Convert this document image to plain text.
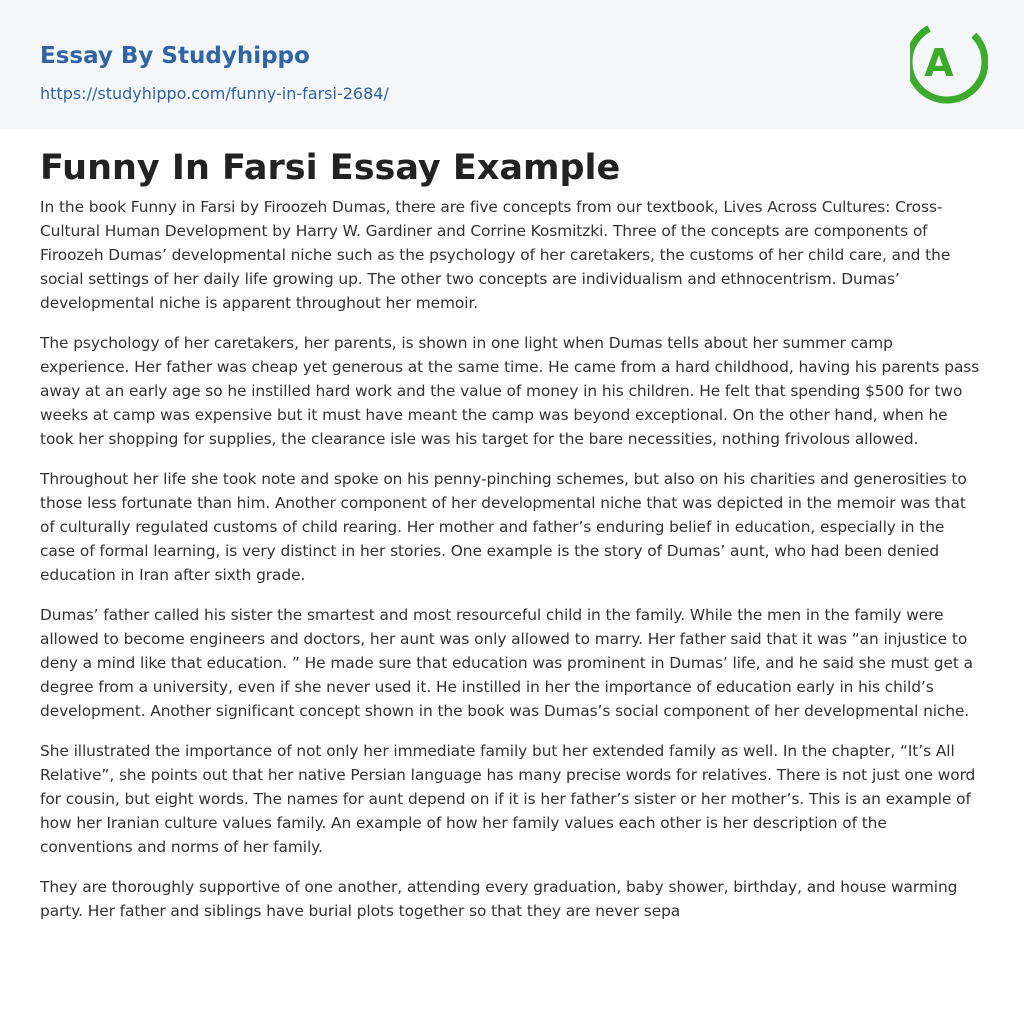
Essay By Studyhippo
https://studyhippo.com/funny-in-farsi-2684/
A
Funny In Farsi Essay Example

In the book Funny in Farsi by Firoozeh Dumas, there are five concepts from our textbook, Lives Across Cultures: Cross-Cultural Human Development by Harry W. Gardiner and Corrine Kosmitzki. Three of the concepts are components of Firoozeh Dumas’ developmental niche such as the psychology of her caretakers, the customs of her child care, and the social settings of her daily life growing up. The other two concepts are individualism and ethnocentrism. Dumas’ developmental niche is apparent throughout her memoir.

The psychology of her caretakers, her parents, is shown in one light when Dumas tells about her summer camp experience. Her father was cheap yet generous at the same time. He came from a hard childhood, having his parents pass away at an early age so he instilled hard work and the value of money in his children. He felt that spending $500 for two weeks at camp was expensive but it must have meant the camp was beyond exceptional. On the other hand, when he took her shopping for supplies, the clearance isle was his target for the bare necessities, nothing frivolous allowed.

Throughout her life she took note and spoke on his penny-pinching schemes, but also on his charities and generosities to those less fortunate than him. Another component of her developmental niche that was depicted in the memoir was that of culturally regulated customs of child rearing. Her mother and father’s enduring belief in education, especially in the case of formal learning, is very distinct in her stories. One example is the story of Dumas’ aunt, who had been denied education in Iran after sixth grade.

Dumas’ father called his sister the smartest and most resourceful child in the family. While the men in the family were allowed to become engineers and doctors, her aunt was only allowed to marry. Her father said that it was “an injustice to deny a mind like that education. ” He made sure that education was prominent in Dumas’ life, and he said she must get a degree from a university, even if she never used it. He instilled in her the importance of education early in his child’s development. Another significant concept shown in the book was Dumas’s social component of her developmental niche.

She illustrated the importance of not only her immediate family but her extended family as well. In the chapter, “It’s All Relative”, she points out that her native Persian language has many precise words for relatives. There is not just one word for cousin, but eight words. The names for aunt depend on if it is her father’s sister or her mother’s. This is an example of how her Iranian culture values family. An example of how her family values each other is her description of the conventions and norms of her family.

They are thoroughly supportive of one another, attending every graduation, baby shower, birthday, and house warming party. Her father and siblings have burial plots together so that they are never sepa
